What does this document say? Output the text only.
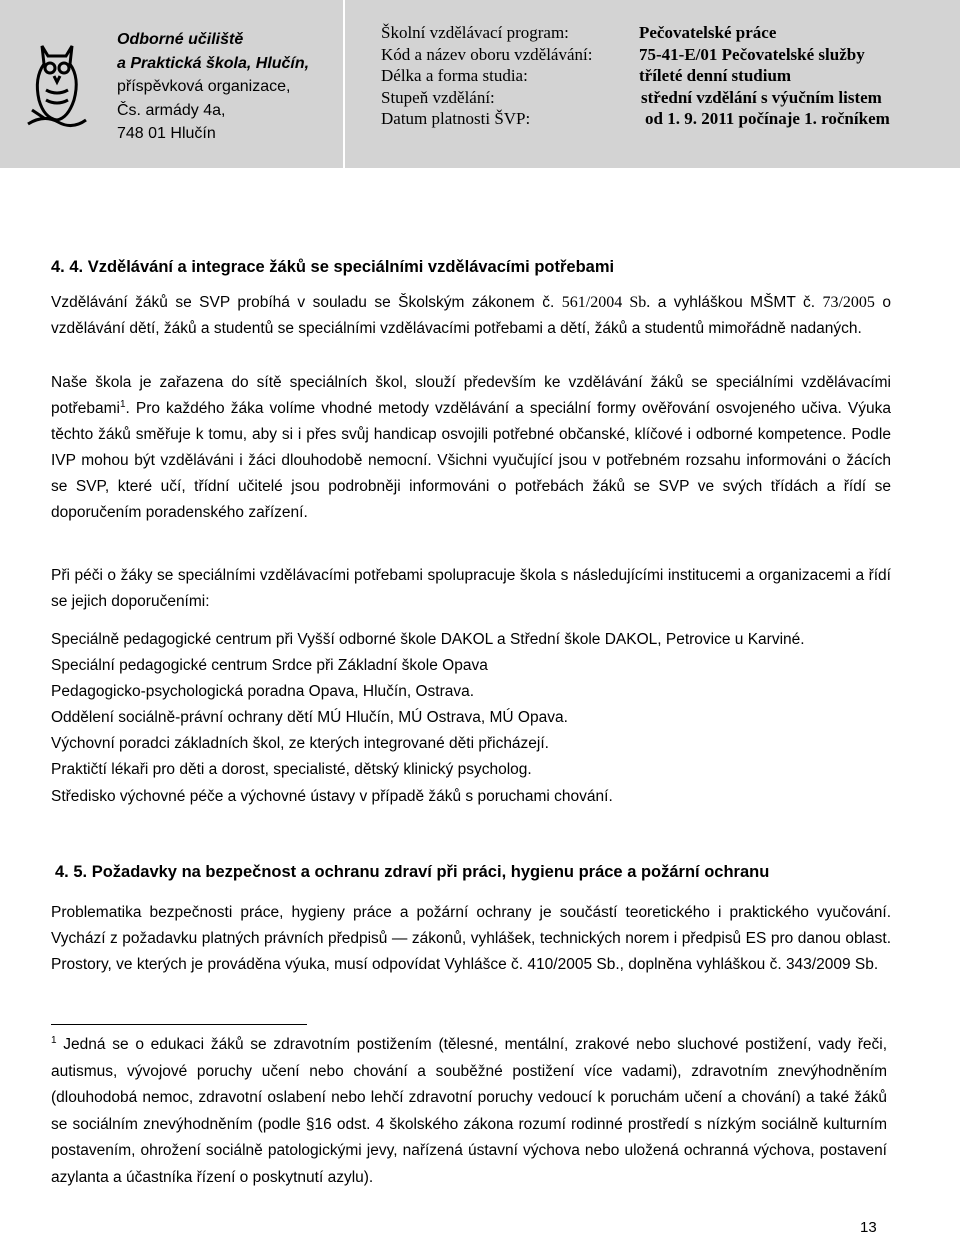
Odborné učiliště
a Praktická škola, Hlučín,
příspěvková organizace,
Čs. armády 4a,
748 01 Hlučín
Školní vzdělávací program:	Pečovatelské práce
Kód a název oboru vzdělávání:	75-41-E/01 Pečovatelské služby
Délka a forma studia:	tříleté denní studium
Stupeň vzdělání:	střední vzdělání s výučním listem
Datum platnosti ŠVP:	od 1. 9. 2011 počínaje 1. ročníkem
4. 4. Vzdělávání a integrace žáků se speciálními vzdělávacími potřebami
Vzdělávání žáků se SVP probíhá v souladu se Školským zákonem č. 561/2004 Sb. a vyhláškou MŠMT č. 73/2005 o vzdělávání dětí, žáků a studentů se speciálními vzdělávacími potřebami a dětí, žáků a studentů mimořádně nadaných.
Naše škola je zařazena do sítě speciálních škol, slouží především ke vzdělávání žáků se speciálními vzdělávacími potřebami$^1$. Pro každého žáka volíme vhodné metody vzdělávání a speciální formy ověřování osvojeného učiva. Výuka těchto žáků směřuje k tomu, aby si i přes svůj handicap osvojili potřebné občanské, klíčové i odborné kompetence. Podle IVP mohou být vzděláváni i žáci dlouhodobě nemocní. Všichni vyučující jsou v potřebném rozsahu informováni o žácích se SVP, které učí, třídní učitelé jsou podrobněji informováni o potřebách žáků se SVP ve svých třídách a řídí se doporučením poradenského zařízení.
Při péči o žáky se speciálními vzdělávacími potřebami spolupracuje škola s následujícími institucemi a organizacemi a řídí se jejich doporučeními:

Speciálně pedagogické centrum při Vyšší odborné škole DAKOL a Střední škole DAKOL, Petrovice u Karviné.

Speciální pedagogické centrum Srdce při Základní škole Opava

Pedagogicko-psychologická poradna Opava, Hlučín, Ostrava.

Oddělení sociálně-právní ochrany dětí MÚ Hlučín, MÚ Ostrava, MÚ Opava.

Výchovní poradci základních škol, ze kterých integrované děti přicházejí.

Praktičtí lékaři pro děti a dorost, specialisté, dětský klinický psycholog.

Středisko výchovné péče a výchovné ústavy v případě žáků s poruchami chování.

4. 5. Požadavky na bezpečnost a ochranu zdraví při práci, hygienu práce a požární ochranu
Problematika bezpečnosti práce, hygieny práce a požární ochrany je součástí teoretického i praktického vyučování. Vychází z požadavku platných právních předpisů — zákonů, vyhlášek, technických norem i předpisů ES pro danou oblast. Prostory, ve kterých je prováděna výuka, musí odpovídat Vyhlášce č. 410/2005 Sb., doplněna vyhláškou č. 343/2009 Sb.
$^1$ Jedná se o edukaci žáků se zdravotním postižením (tělesné, mentální, zrakové nebo sluchové postižení, vady řeči, autismus, vývojové poruchy učení nebo chování a souběžné postižení více vadami), zdravotním znevýhodněním (dlouhodobá nemoc, zdravotní oslabení nebo lehčí zdravotní poruchy vedoucí k poruchám učení a chování) a také žáků se sociálním znevýhodněním (podle §16 odst. 4 školského zákona rozumí rodinné prostředí s nízkým sociálně kulturním postavením, ohrožení sociálně patologickými jevy, nařízená ústavní výchova nebo uložená ochranná výchova, postavení azylanta a účastníka řízení o poskytnutí azylu).
13
